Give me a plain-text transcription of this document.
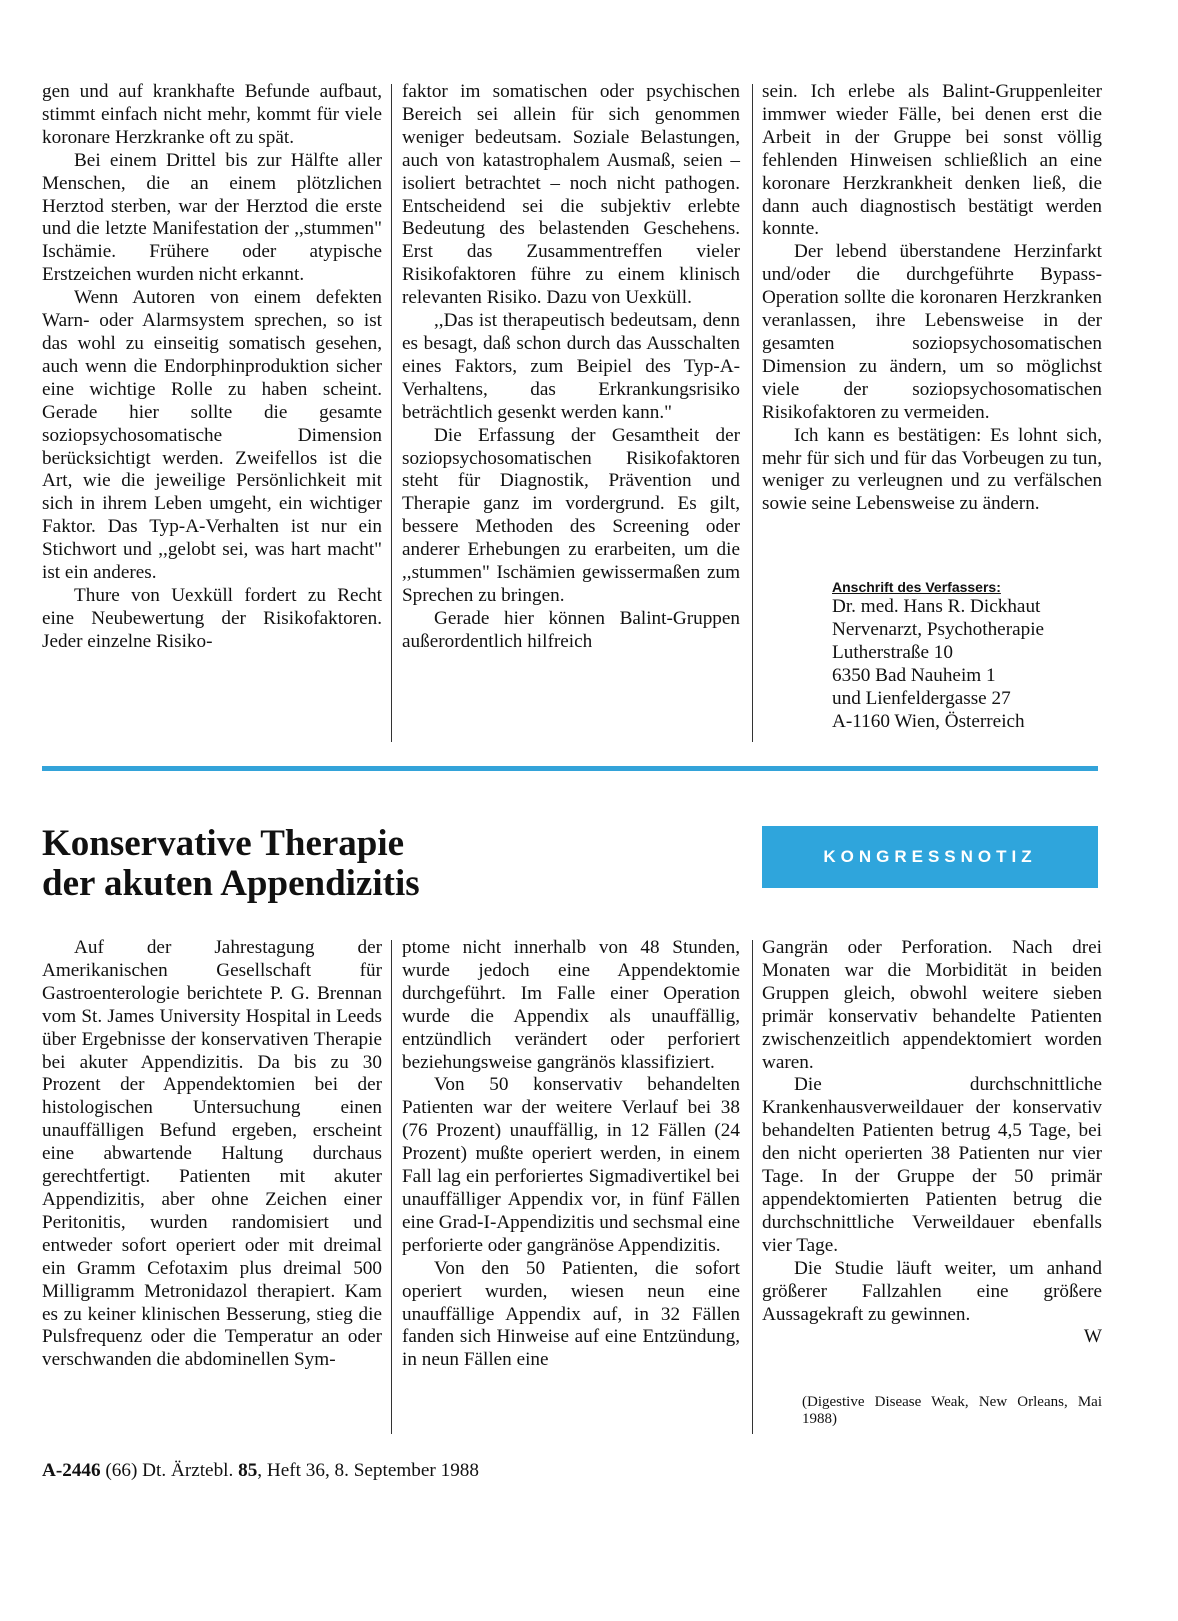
gen und auf krankhafte Befunde aufbaut, stimmt einfach nicht mehr, kommt für viele koronare Herzkranke oft zu spät.

Bei einem Drittel bis zur Hälfte aller Menschen, die an einem plötzlichen Herztod sterben, war der Herztod die erste und die letzte Manifestation der ,,stummen" Ischämie. Frühere oder atypische Erstzeichen wurden nicht erkannt.

Wenn Autoren von einem defekten Warn- oder Alarmsystem sprechen, so ist das wohl zu einseitig somatisch gesehen, auch wenn die Endorphinproduktion sicher eine wichtige Rolle zu haben scheint. Gerade hier sollte die gesamte soziopsychosomatische Dimension berücksichtigt werden. Zweifellos ist die Art, wie die jeweilige Persönlichkeit mit sich in ihrem Leben umgeht, ein wichtiger Faktor. Das Typ-A-Verhalten ist nur ein Stichwort und ,,gelobt sei, was hart macht" ist ein anderes.

Thure von Uexküll fordert zu Recht eine Neubewertung der Risikofaktoren. Jeder einzelne Risiko-

faktor im somatischen oder psychischen Bereich sei allein für sich genommen weniger bedeutsam. Soziale Belastungen, auch von katastrophalem Ausmaß, seien – isoliert betrachtet – noch nicht pathogen. Entscheidend sei die subjektiv erlebte Bedeutung des belastenden Geschehens. Erst das Zusammentreffen vieler Risikofaktoren führe zu einem klinisch relevanten Risiko. Dazu von Uexküll.

,,Das ist therapeutisch bedeutsam, denn es besagt, daß schon durch das Ausschalten eines Faktors, zum Beipiel des Typ-A-Verhaltens, das Erkrankungsrisiko beträchtlich gesenkt werden kann."

Die Erfassung der Gesamtheit der soziopsychosomatischen Risikofaktoren steht für Diagnostik, Prävention und Therapie ganz im vordergrund. Es gilt, bessere Methoden des Screening oder anderer Erhebungen zu erarbeiten, um die ,,stummen" Ischämien gewissermaßen zum Sprechen zu bringen.

Gerade hier können Balint-Gruppen außerordentlich hilfreich

sein. Ich erlebe als Balint-Gruppenleiter immwer wieder Fälle, bei denen erst die Arbeit in der Gruppe bei sonst völlig fehlenden Hinweisen schließlich an eine koronare Herzkrankheit denken ließ, die dann auch diagnostisch bestätigt werden konnte.

Der lebend überstandene Herzinfarkt und/oder die durchgeführte Bypass-Operation sollte die koronaren Herzkranken veranlassen, ihre Lebensweise in der gesamten soziopsychosomatischen Dimension zu ändern, um so möglichst viele der soziopsychosomatischen Risikofaktoren zu vermeiden.

Ich kann es bestätigen: Es lohnt sich, mehr für sich und für das Vorbeugen zu tun, weniger zu verleugnen und zu verfälschen sowie seine Lebensweise zu ändern.

Anschrift des Verfassers:
Dr. med. Hans R. Dickhaut
Nervenarzt, Psychotherapie
Lutherstraße 10
6350 Bad Nauheim 1
und Lienfeldergasse 27
A-1160 Wien, Österreich
Konservative Therapie
der akuten Appendizitis
KONGRESSNOTIZ

Auf der Jahrestagung der Amerikanischen Gesellschaft für Gastroenterologie berichtete P. G. Brennan vom St. James University Hospital in Leeds über Ergebnisse der konservativen Therapie bei akuter Appendizitis. Da bis zu 30 Prozent der Appendektomien bei der histologischen Untersuchung einen unauffälligen Befund ergeben, erscheint eine abwartende Haltung durchaus gerechtfertigt. Patienten mit akuter Appendizitis, aber ohne Zeichen einer Peritonitis, wurden randomisiert und entweder sofort operiert oder mit dreimal ein Gramm Cefotaxim plus dreimal 500 Milligramm Metronidazol therapiert. Kam es zu keiner klinischen Besserung, stieg die Pulsfrequenz oder die Temperatur an oder verschwanden die abdominellen Sym-

ptome nicht innerhalb von 48 Stunden, wurde jedoch eine Appendektomie durchgeführt. Im Falle einer Operation wurde die Appendix als unauffällig, entzündlich verändert oder perforiert beziehungsweise gangränös klassifiziert.

Von 50 konservativ behandelten Patienten war der weitere Verlauf bei 38 (76 Prozent) unauffällig, in 12 Fällen (24 Prozent) mußte operiert werden, in einem Fall lag ein perforiertes Sigmadivertikel bei unauffälliger Appendix vor, in fünf Fällen eine Grad-I-Appendizitis und sechsmal eine perforierte oder gangränöse Appendizitis.

Von den 50 Patienten, die sofort operiert wurden, wiesen neun eine unauffällige Appendix auf, in 32 Fällen fanden sich Hinweise auf eine Entzündung, in neun Fällen eine

Gangrän oder Perforation. Nach drei Monaten war die Morbidität in beiden Gruppen gleich, obwohl weitere sieben primär konservativ behandelte Patienten zwischenzeitlich appendektomiert worden waren.

Die durchschnittliche Krankenhausverweildauer der konservativ behandelten Patienten betrug 4,5 Tage, bei den nicht operierten 38 Patienten nur vier Tage. In der Gruppe der 50 primär appendektomierten Patienten betrug die durchschnittliche Verweildauer ebenfalls vier Tage.

Die Studie läuft weiter, um anhand größerer Fallzahlen eine größere Aussagekraft zu gewinnen.

W
(Digestive Disease Weak, New Orleans, Mai 1988)
A-2446 (66) Dt. Ärztebl. 85, Heft 36, 8. September 1988
